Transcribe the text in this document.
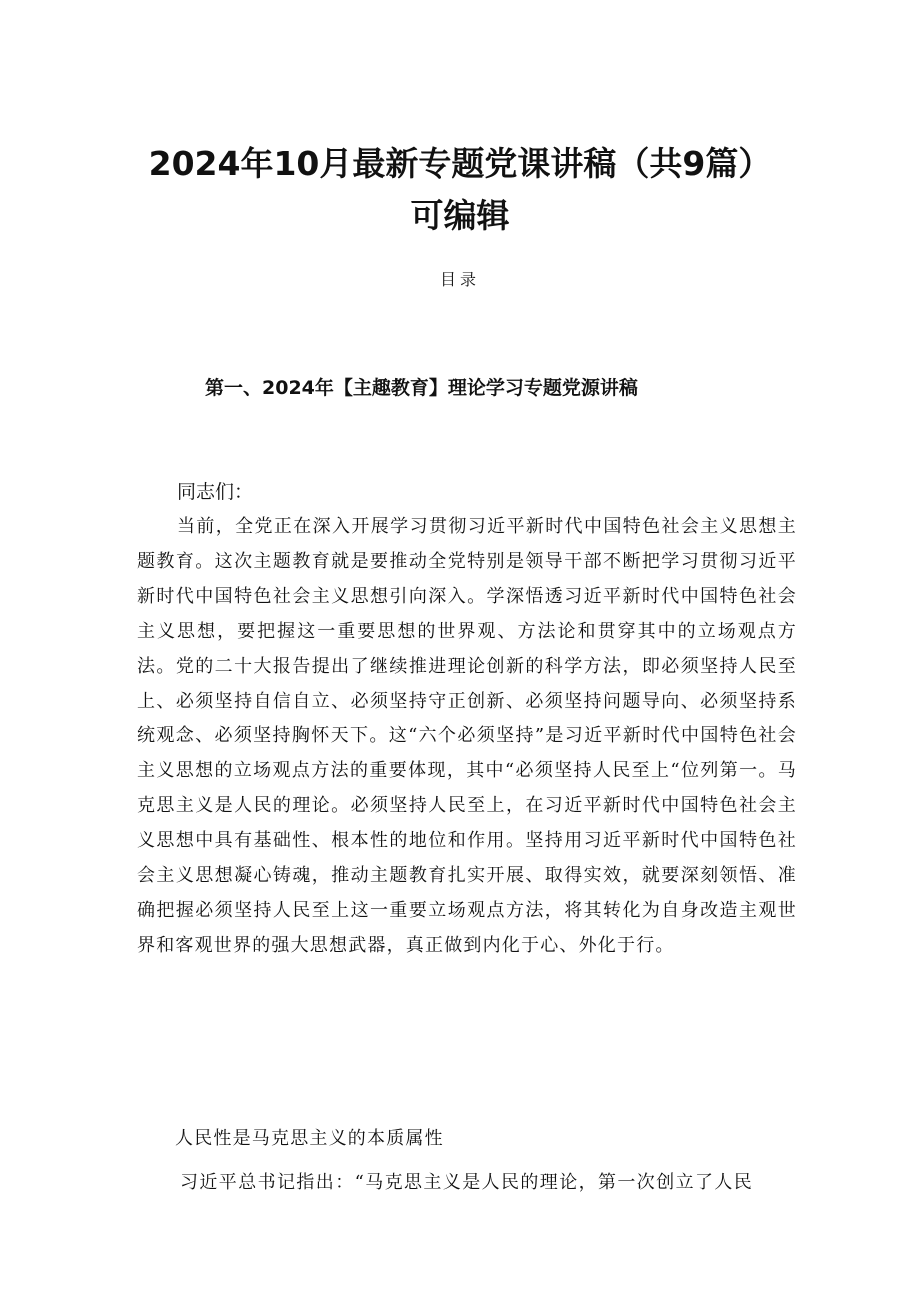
2024年10月最新专题党课讲稿（共9篇）
可编辑
目录
第一、2024年【主趣教育】理论学习专题党源讲稿
同志们：
当前，全党正在深入开展学习贯彻习近平新时代中国特色社会主义思想主题教育。这次主题教育就是要推动全党特别是领导干部不断把学习贯彻习近平新时代中国特色社会主义思想引向深入。学深悟透习近平新时代中国特色社会主义思想，要把握这一重要思想的世界观、方法论和贯穿其中的立场观点方法。党的二十大报告提出了继续推进理论创新的科学方法，即必须坚持人民至上、必须坚持自信自立、必须坚持守正创新、必须坚持问题导向、必须坚持系统观念、必须坚持胸怀天下。这“六个必须坚持”是习近平新时代中国特色社会主义思想的立场观点方法的重要体现，其中“必须坚持人民至上“位列第一。马克思主义是人民的理论。必须坚持人民至上，在习近平新时代中国特色社会主义思想中具有基础性、根本性的地位和作用。坚持用习近平新时代中国特色社会主义思想凝心铸魂，推动主题教育扎实开展、取得实效，就要深刻领悟、准确把握必须坚持人民至上这一重要立场观点方法，将其转化为自身改造主观世界和客观世界的强大思想武器，真正做到内化于心、外化于行。
人民性是马克思主义的本质属性
习近平总书记指出：“马克思主义是人民的理论，第一次创立了人民
